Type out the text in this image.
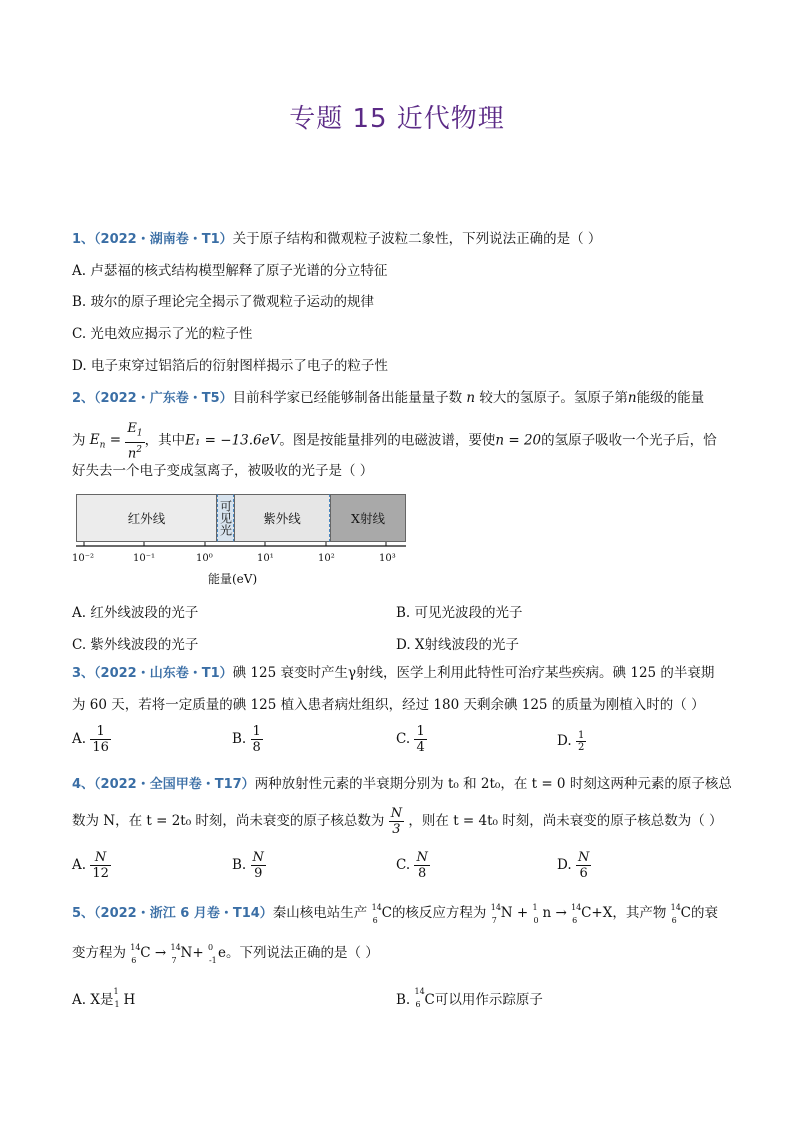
专题 15 近代物理
1、（2022・湖南卷・T1）关于原子结构和微观粒子波粒二象性，下列说法正确的是（ ）
A. 卢瑟福的核式结构模型解释了原子光谱的分立特征
B. 玻尔的原子理论完全揭示了微观粒子运动的规律
C. 光电效应揭示了光的粒子性
D. 电子束穿过铝箔后的衍射图样揭示了电子的粒子性
2、（2022・广东卷・T5）目前科学家已经能够制备出能量量子数 n 较大的氢原子。氢原子第n能级的能量
为 $E_n = \frac{E_1}{n^2}$ ，其中E₁ = −13.6eV。图是按能量排列的电磁波谱，要使n = 20的氢原子吸收一个光子后，恰
好失去一个电子变成氢离子，被吸收的光子是（ ）
红外线	可见光	紫外线	X射线
10⁻²	10⁻¹	10⁰	10¹	10²	10³
能量(eV)
A. 红外线波段的光子	B. 可见光波段的光子
C. 紫外线波段的光子	D. X射线波段的光子
3、（2022・山东卷・T1）碘 125 衰变时产生γ射线，医学上利用此特性可治疗某些疾病。碘 125 的半衰期
为 60 天，若将一定质量的碘 125 植入患者病灶组织，经过 180 天剩余碘 125 的质量为刚植入时的（ ）
A. $\frac{1}{16}$	B. $\frac{1}{8}$	C. $\frac{1}{4}$	D. $\frac{1}{2}$
4、（2022・全国甲卷・T17）两种放射性元素的半衰期分别为 t₀ 和 2t₀，在 t = 0 时刻这两种元素的原子核总
数为 N，在 t = 2t₀ 时刻，尚未衰变的原子核总数为 $\frac{N}{3}$ ，则在 t = 4t₀ 时刻，尚未衰变的原子核总数为（ ）
A. $\frac{N}{12}$	B. $\frac{N}{9}$	C. $\frac{N}{8}$	D. $\frac{N}{6}$
5、（2022・浙江 6 月卷・T14）秦山核电站生产 14
6 C的核反应方程为 14
7 N + 1
0 n → 14
6 C+X，其产物 14
6 C的衰
变方程为 14
6 C → 14
7 N+ 0
-1 e。下列说法正确的是（ ）
A. X是
1
1 H	B.
14
6 C可以用作示踪原子
